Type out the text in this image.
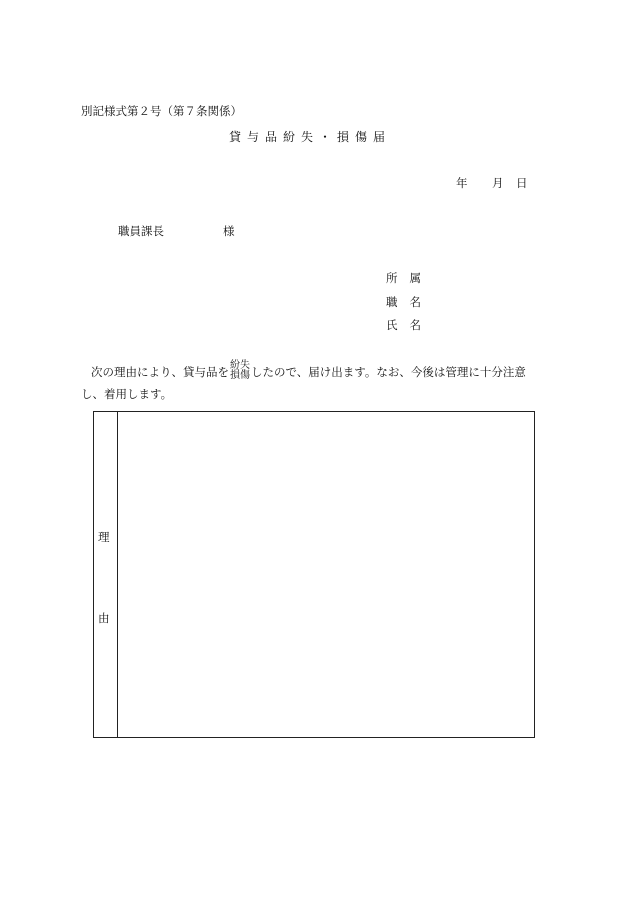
別記様式第２号（第７条関係）
貸与品紛失・損傷届
年	月	日
職員課長	様
所属
職名
氏名
次の理由により、貸与品を 紛失
損傷 したので、届け出ます。なお、今後は管理に十分注意
し、着用します。
理
由
